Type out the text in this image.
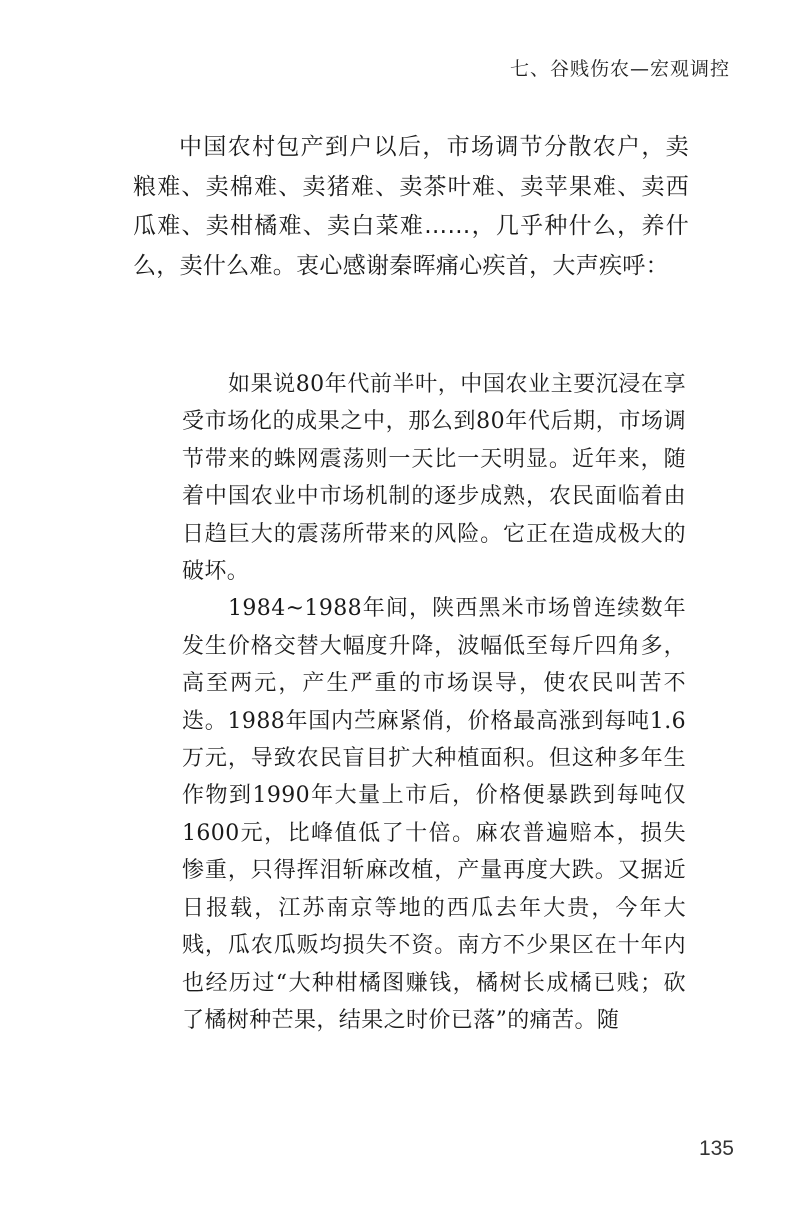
七、谷贱伤农—宏观调控

中国农村包产到户以后，市场调节分散农户，卖粮难、卖棉难、卖猪难、卖茶叶难、卖苹果难、卖西瓜难、卖柑橘难、卖白菜难……，几乎种什么，养什么，卖什么难。衷心感谢秦晖痛心疾首，大声疾呼：

如果说80年代前半叶，中国农业主要沉浸在享受市场化的成果之中，那么到80年代后期，市场调节带来的蛛网震荡则一天比一天明显。近年来，随着中国农业中市场机制的逐步成熟，农民面临着由日趋巨大的震荡所带来的风险。它正在造成极大的破坏。

1984~1988年间，陕西黑米市场曾连续数年发生价格交替大幅度升降，波幅低至每斤四角多，高至两元，产生严重的市场误导，使农民叫苦不迭。1988年国内苎麻紧俏，价格最高涨到每吨1.6万元，导致农民盲目扩大种植面积。但这种多年生作物到1990年大量上市后，价格便暴跌到每吨仅1600元，比峰值低了十倍。麻农普遍赔本，损失惨重，只得挥泪斩麻改植，产量再度大跌。又据近日报载，江苏南京等地的西瓜去年大贵，今年大贱，瓜农瓜贩均损失不资。南方不少果区在十年内也经历过“大种柑橘图赚钱，橘树长成橘已贱；砍了橘树种芒果，结果之时价已落”的痛苦。随

135
